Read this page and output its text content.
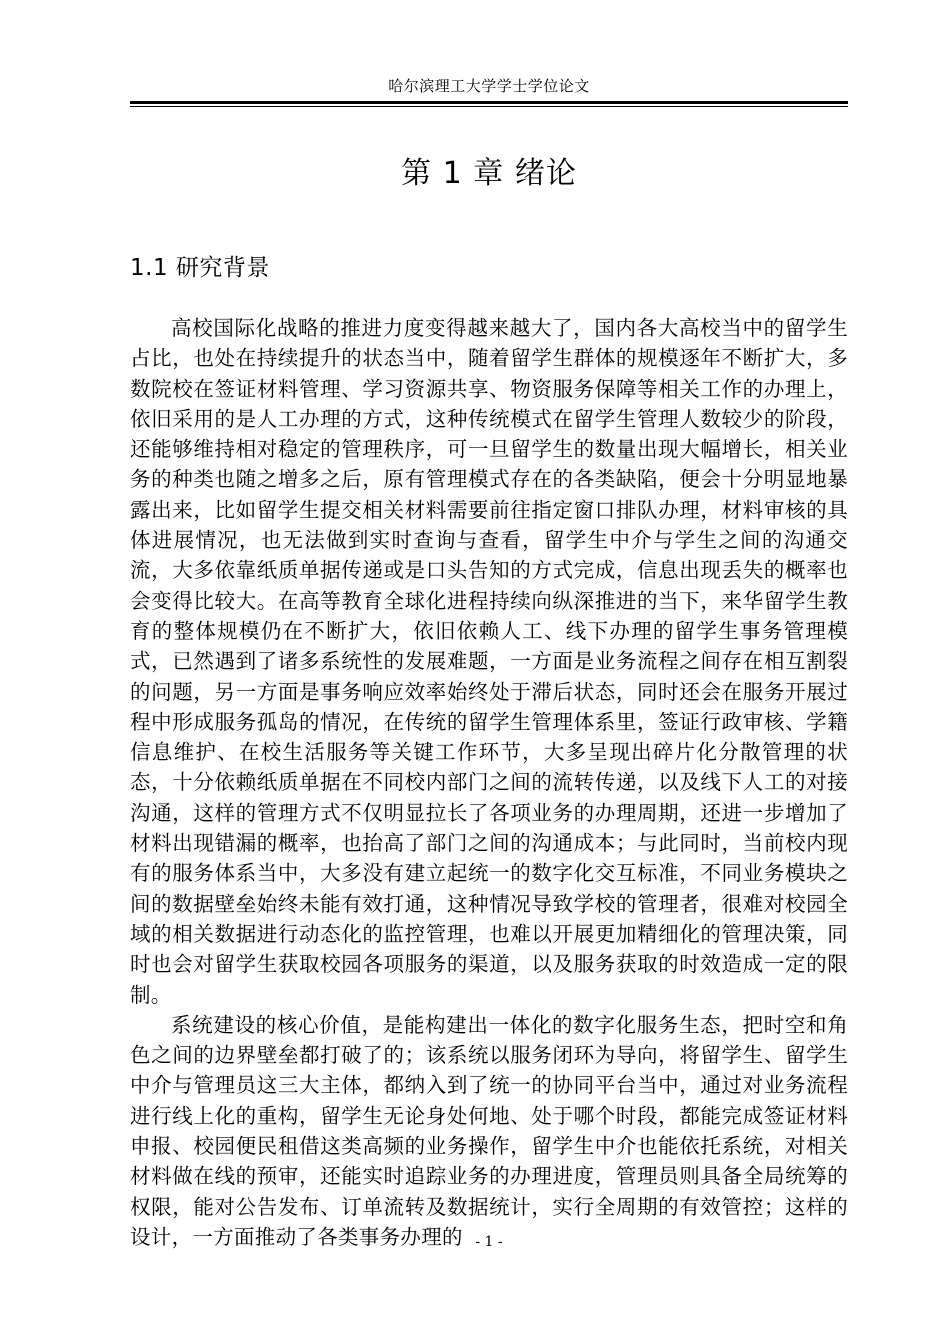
哈尔滨理工大学学士学位论文
第 1 章 绪论
1.1 研究背景

高校国际化战略的推进力度变得越来越大了，国内各大高校当中的留学生占比，也处在持续提升的状态当中，随着留学生群体的规模逐年不断扩大，多数院校在签证材料管理、学习资源共享、物资服务保障等相关工作的办理上，依旧采用的是人工办理的方式，这种传统模式在留学生管理人数较少的阶段，还能够维持相对稳定的管理秩序，可一旦留学生的数量出现大幅增长，相关业务的种类也随之增多之后，原有管理模式存在的各类缺陷，便会十分明显地暴露出来，比如留学生提交相关材料需要前往指定窗口排队办理，材料审核的具体进展情况，也无法做到实时查询与查看，留学生中介与学生之间的沟通交流，大多依靠纸质单据传递或是口头告知的方式完成，信息出现丢失的概率也会变得比较大。在高等教育全球化进程持续向纵深推进的当下，来华留学生教育的整体规模仍在不断扩大，依旧依赖人工、线下办理的留学生事务管理模式，已然遇到了诸多系统性的发展难题，一方面是业务流程之间存在相互割裂的问题，另一方面是事务响应效率始终处于滞后状态，同时还会在服务开展过程中形成服务孤岛的情况，在传统的留学生管理体系里，签证行政审核、学籍信息维护、在校生活服务等关键工作环节，大多呈现出碎片化分散管理的状态，十分依赖纸质单据在不同校内部门之间的流转传递，以及线下人工的对接沟通，这样的管理方式不仅明显拉长了各项业务的办理周期，还进一步增加了材料出现错漏的概率，也抬高了部门之间的沟通成本；与此同时，当前校内现有的服务体系当中，大多没有建立起统一的数字化交互标准，不同业务模块之间的数据壁垒始终未能有效打通，这种情况导致学校的管理者，很难对校园全域的相关数据进行动态化的监控管理，也难以开展更加精细化的管理决策，同时也会对留学生获取校园各项服务的渠道，以及服务获取的时效造成一定的限制。

系统建设的核心价值，是能构建出一体化的数字化服务生态，把时空和角色之间的边界壁垒都打破了的；该系统以服务闭环为导向，将留学生、留学生中介与管理员这三大主体，都纳入到了统一的协同平台当中，通过对业务流程进行线上化的重构，留学生无论身处何地、处于哪个时段，都能完成签证材料申报、校园便民租借这类高频的业务操作，留学生中介也能依托系统，对相关材料做在线的预审，还能实时追踪业务的办理进度，管理员则具备全局统筹的权限，能对公告发布、订单流转及数据统计，实行全周期的有效管控；这样的设计，一方面推动了各类事务办理的 - 1 -
